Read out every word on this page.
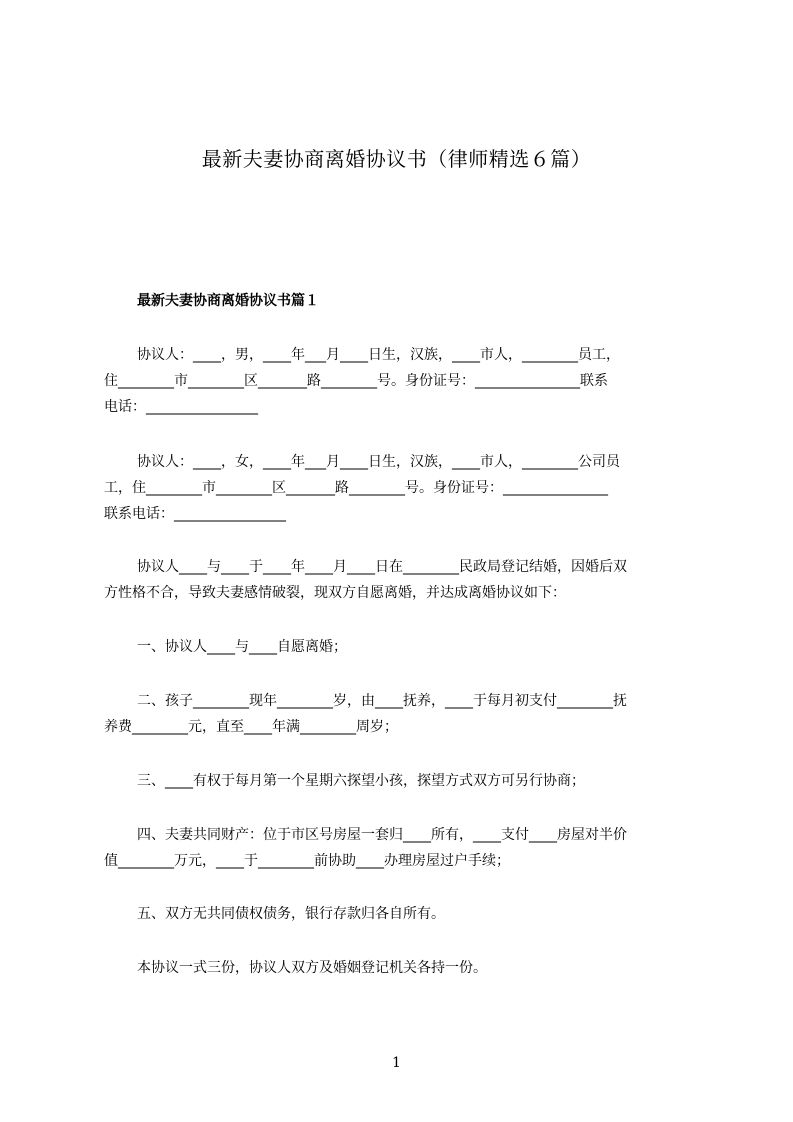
最新夫妻协商离婚协议书（律师精选６篇）
最新夫妻协商离婚协议书篇１
协议人：____，男，____年___月____日生，汉族，____市人，________员工，
住________市________区_______路________号。身份证号：_______________联系
电话：________________
协议人：____，女，____年___月____日生，汉族，____市人，________公司员
工，住________市________区_______路________号。身份证号：_______________
联系电话：________________
协议人____与____于____年____月____日在________民政局登记结婚，因婚后双
方性格不合，导致夫妻感情破裂，现双方自愿离婚，并达成离婚协议如下：
一、协议人____与____自愿离婚；
二、孩子________现年________岁，由____抚养，____于每月初支付________抚
养费________元，直至____年满________周岁；
三、____有权于每月第一个星期六探望小孩，探望方式双方可另行协商；
四、夫妻共同财产：位于市区号房屋一套归____所有，____支付____房屋对半价
值________万元，____于________前协助____办理房屋过户手续；
五、双方无共同债权债务，银行存款归各自所有。
本协议一式三份，协议人双方及婚姻登记机关各持一份。
1
